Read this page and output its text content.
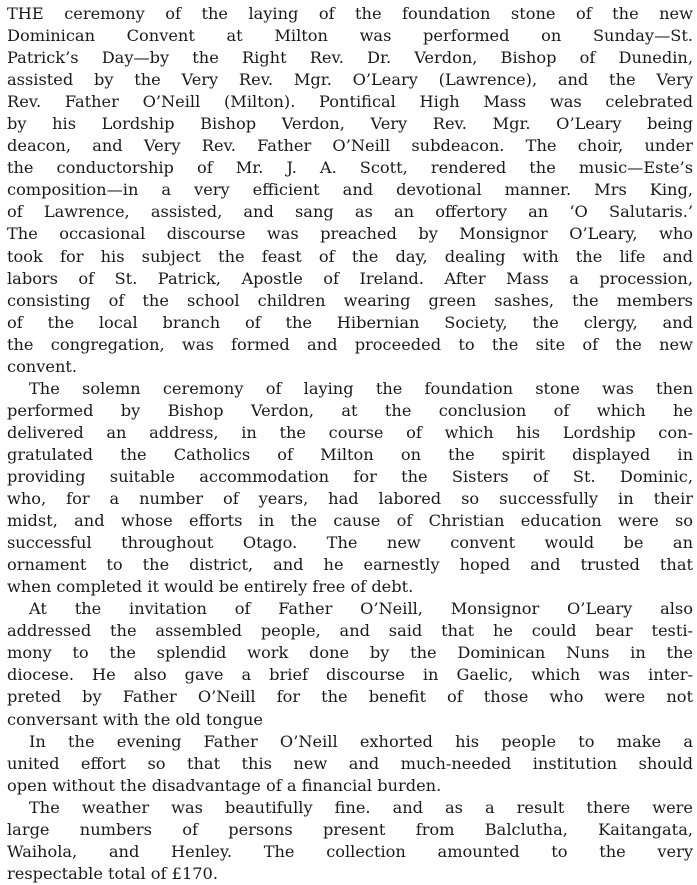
THE ceremony of the laying of the foundation stone of the new
Dominican Convent at Milton was performed on Sunday—St.
Patrick’s Day—by the Right Rev. Dr. Verdon, Bishop of Dunedin,
assisted by the Very Rev. Mgr. O’Leary (Lawrence), and the Very
Rev. Father O’Neill (Milton). Pontifical High Mass was celebrated
by his Lordship Bishop Verdon, Very Rev. Mgr. O’Leary being
deacon, and Very Rev. Father O’Neill subdeacon. The choir, under
the conductorship of Mr. J. A. Scott, rendered the music—Este’s
composition—in a very efficient and devotional manner. Mrs King,
of Lawrence, assisted, and sang as an offertory an ‘O Salutaris.’
The occasional discourse was preached by Monsignor O’Leary, who
took for his subject the feast of the day, dealing with the life and
labors of St. Patrick, Apostle of Ireland. After Mass a procession,
consisting of the school children wearing green sashes, the members
of the local branch of the Hibernian Society, the clergy, and
the congregation, was formed and proceeded to the site of the new
convent.
The solemn ceremony of laying the foundation stone was then
performed by Bishop Verdon, at the conclusion of which he
delivered an address, in the course of which his Lordship con-
gratulated the Catholics of Milton on the spirit displayed in
providing suitable accommodation for the Sisters of St. Dominic,
who, for a number of years, had labored so successfully in their
midst, and whose efforts in the cause of Christian education were so
successful throughout Otago. The new convent would be an
ornament to the district, and he earnestly hoped and trusted that
when completed it would be entirely free of debt.
At the invitation of Father O’Neill, Monsignor O’Leary also
addressed the assembled people, and said that he could bear testi-
mony to the splendid work done by the Dominican Nuns in the
diocese. He also gave a brief discourse in Gaelic, which was inter-
preted by Father O’Neill for the benefit of those who were not
conversant with the old tongue
In the evening Father O’Neill exhorted his people to make a
united effort so that this new and much-needed institution should
open without the disadvantage of a financial burden.
The weather was beautifully fine. and as a result there were
large numbers of persons present from Balclutha, Kaitangata,
Waihola, and Henley. The collection amounted to the very
respectable total of £170.
